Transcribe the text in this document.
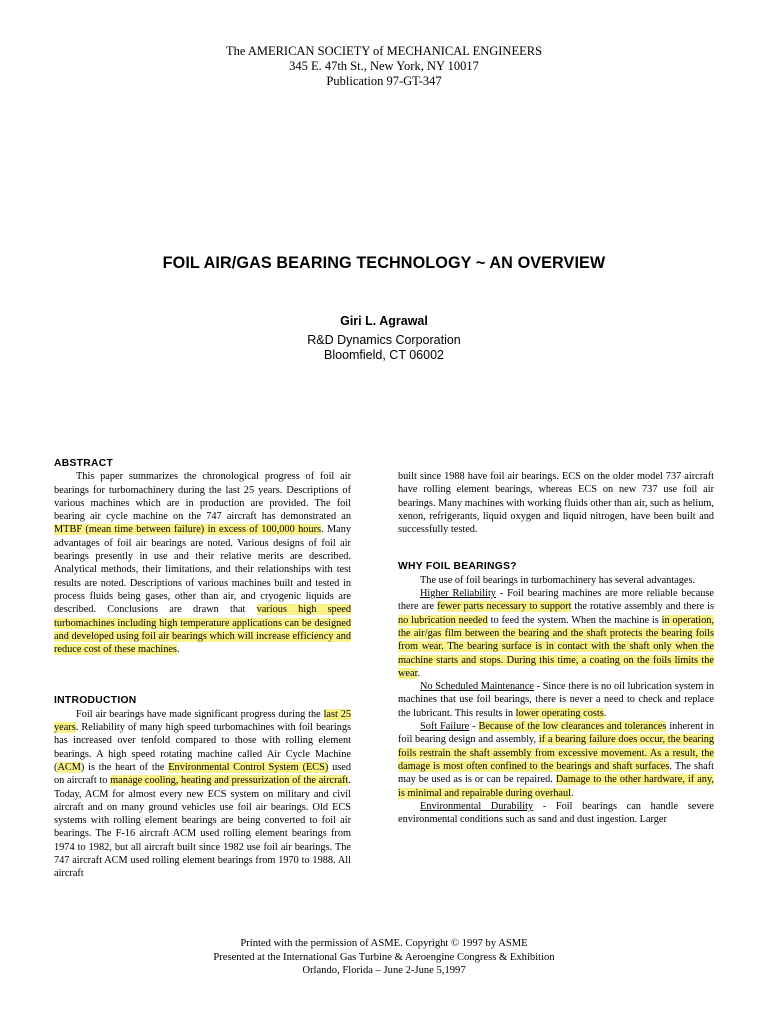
The AMERICAN SOCIETY of MECHANICAL ENGINEERS
345 E. 47th St., New York, NY 10017
Publication 97-GT-347
FOIL AIR/GAS BEARING TECHNOLOGY ~ AN OVERVIEW
Giri L. Agrawal
R&D Dynamics Corporation
Bloomfield, CT 06002
ABSTRACT

This paper summarizes the chronological progress of foil air bearings for turbomachinery during the last 25 years. Descriptions of various machines which are in production are provided. The foil bearing air cycle machine on the 747 aircraft has demonstrated an MTBF (mean time between failure) in excess of 100,000 hours. Many advantages of foil air bearings are noted. Various designs of foil air bearings presently in use and their relative merits are described. Analytical methods, their limitations, and their relationships with test results are noted. Descriptions of various machines built and tested in process fluids being gases, other than air, and cryogenic liquids are described. Conclusions are drawn that various high speed turbomachines including high temperature applications can be designed and developed using foil air bearings which will increase efficiency and reduce cost of these machines.

INTRODUCTION

Foil air bearings have made significant progress during the last 25 years. Reliability of many high speed turbomachines with foil bearings has increased over tenfold compared to those with rolling element bearings. A high speed rotating machine called Air Cycle Machine (ACM) is the heart of the Environmental Control System (ECS) used on aircraft to manage cooling, heating and pressurization of the aircraft. Today, ACM for almost every new ECS system on military and civil aircraft and on many ground vehicles use foil air bearings. Old ECS systems with rolling element bearings are being converted to foil air bearings. The F-16 aircraft ACM used rolling element bearings from 1974 to 1982, but all aircraft built since 1982 use foil air bearings. The 747 aircraft ACM used rolling element bearings from 1970 to 1988. All aircraft

built since 1988 have foil air bearings. ECS on the older model 737 aircraft have rolling element bearings, whereas ECS on new 737 use foil air bearings. Many machines with working fluids other than air, such as helium, xenon, refrigerants, liquid oxygen and liquid nitrogen, have been built and successfully tested.

WHY FOIL BEARINGS?

The use of foil bearings in turbomachinery has several advantages.

Higher Reliability - Foil bearing machines are more reliable because there are fewer parts necessary to support the rotative assembly and there is no lubrication needed to feed the system. When the machine is in operation, the air/gas film between the bearing and the shaft protects the bearing foils from wear. The bearing surface is in contact with the shaft only when the machine starts and stops. During this time, a coating on the foils limits the wear.

No Scheduled Maintenance - Since there is no oil lubrication system in machines that use foil bearings, there is never a need to check and replace the lubricant. This results in lower operating costs.

Soft Failure - Because of the low clearances and tolerances inherent in foil bearing design and assembly, if a bearing failure does occur, the bearing foils restrain the shaft assembly from excessive movement. As a result, the damage is most often confined to the bearings and shaft surfaces. The shaft may be used as is or can be repaired. Damage to the other hardware, if any, is minimal and repairable during overhaul.

Environmental Durability - Foil bearings can handle severe environmental conditions such as sand and dust ingestion. Larger

Printed with the permission of ASME. Copyright © 1997 by ASME
Presented at the International Gas Turbine & Aeroengine Congress & Exhibition
Orlando, Florida – June 2-June 5,1997
